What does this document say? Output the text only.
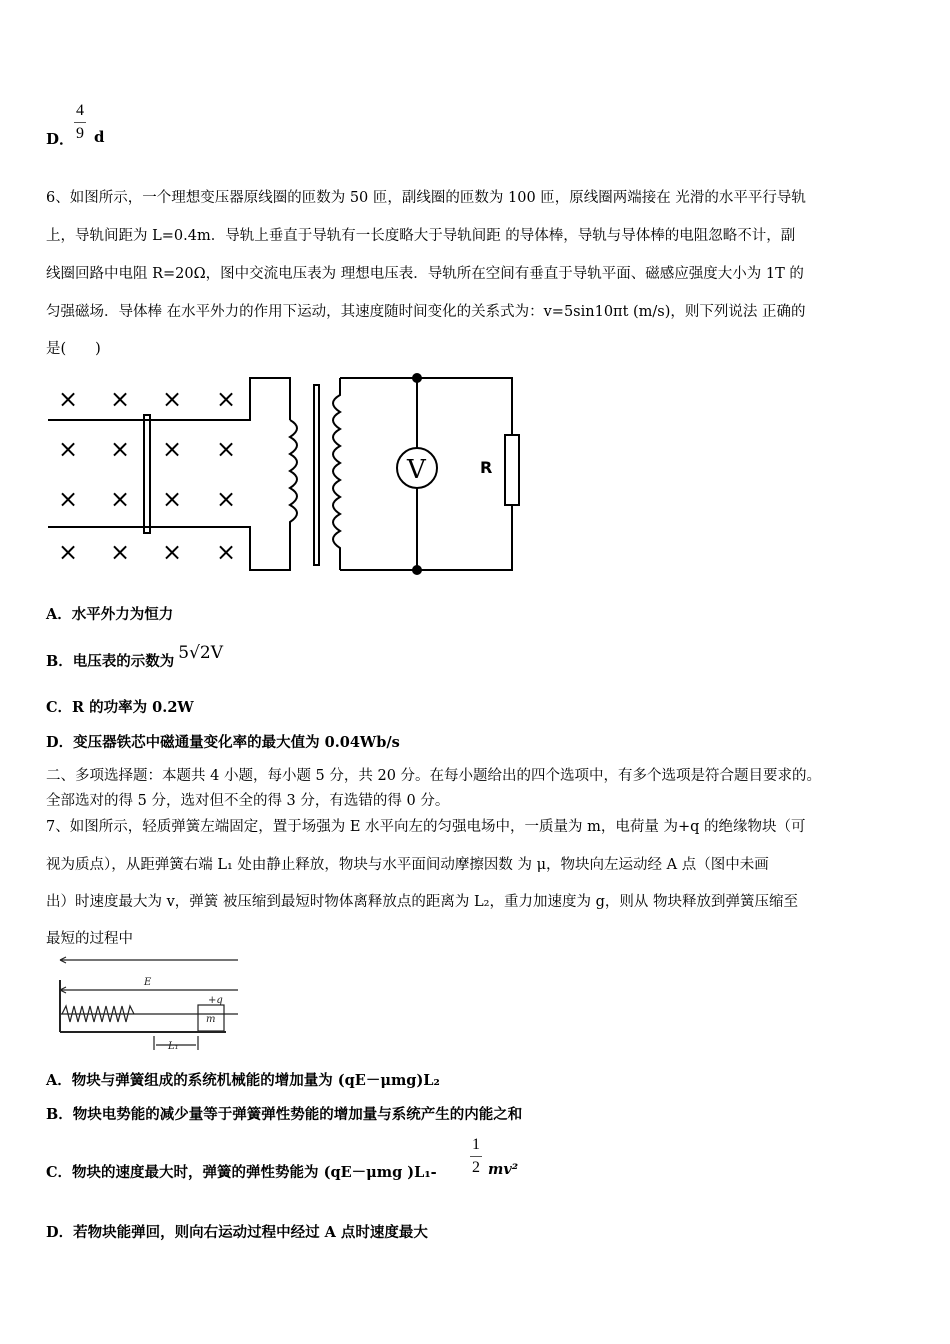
D．
4
9 d
6、如图所示，一个理想变压器原线圈的匝数为 50 匝，副线圈的匝数为 100 匝，原线圈两端接在 光滑的水平平行导轨
上，导轨间距为 L=0.4m．导轨上垂直于导轨有一长度略大于导轨间距 的导体棒，导轨与导体棒的电阻忽略不计，副
线圈回路中电阻 R=20Ω，图中交流电压表为 理想电压表．导轨所在空间有垂直于导轨平面、磁感应强度大小为 1T 的
匀强磁场．导体棒 在水平外力的作用下运动，其速度随时间变化的关系式为：v=5sin10πt (m/s)，则下列说法 正确的
是(　　)
× × × ×
× × × ×
× × × ×
× × × ×
V	R
A．水平外力为恒力
B．电压表的示数为 5√2V
C．R 的功率为 0.2W
D．变压器铁芯中磁通量变化率的最大值为 0.04Wb/s
二、多项选择题：本题共 4 小题，每小题 5 分，共 20 分。在每小题给出的四个选项中，有多个选项是符合题目要求的。
全部选对的得 5 分，选对但不全的得 3 分，有选错的得 0 分。
7、如图所示，轻质弹簧左端固定，置于场强为 E 水平向左的匀强电场中，一质量为 m，电荷量 为+q 的绝缘物块（可
视为质点），从距弹簧右端 L₁ 处由静止释放，物块与水平面间动摩擦因数 为 μ，物块向左运动经 A 点（图中未画
出）时速度最大为 v，弹簧 被压缩到最短时物体离释放点的距离为 L₂，重力加速度为 g，则从 物块释放到弹簧压缩至
最短的过程中
E
+q
m
L₁
A．物块与弹簧组成的系统机械能的增加量为 (qE－μmg)L₂
B．物块电势能的减少量等于弹簧弹性势能的增加量与系统产生的内能之和
C．物块的速度最大时，弹簧的弹性势能为 (qE－μmg )L₁-
1
2 mv²
D．若物块能弹回，则向右运动过程中经过 A 点时速度最大
